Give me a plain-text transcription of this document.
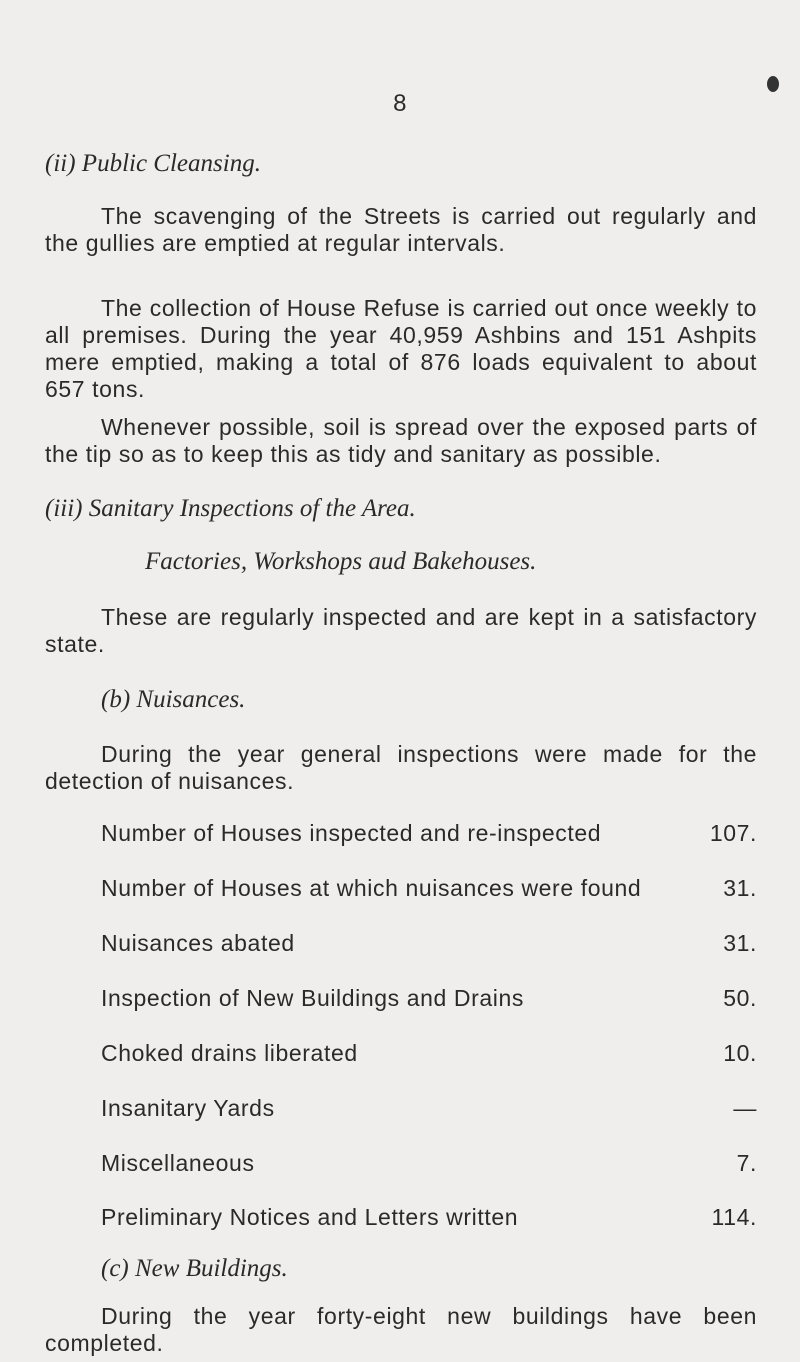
8
(ii) Public Cleansing.
The scavenging of the Streets is carried out regularly and the gullies are emptied at regular intervals.
The collection of House Refuse is carried out once weekly to all premises. During the year 40,959 Ashbins and 151 Ashpits mere emptied, making a total of 876 loads equivalent to about 657 tons.
Whenever possible, soil is spread over the exposed parts of the tip so as to keep this as tidy and sanitary as possible.
(iii) Sanitary Inspections of the Area.
Factories, Workshops aud Bakehouses.
These are regularly inspected and are kept in a satisfactory state.
(b) Nuisances.
During the year general inspections were made for the detection of nuisances.
Number of Houses inspected and re-inspected	107.
Number of Houses at which nuisances were found	31.
Nuisances abated	31.
Inspection of New Buildings and Drains	50.
Choked drains liberated	10.
Insanitary Yards	—
Miscellaneous	7.
Preliminary Notices and Letters written	114.
(c) New Buildings.
During the year forty-eight new buildings have been completed.
